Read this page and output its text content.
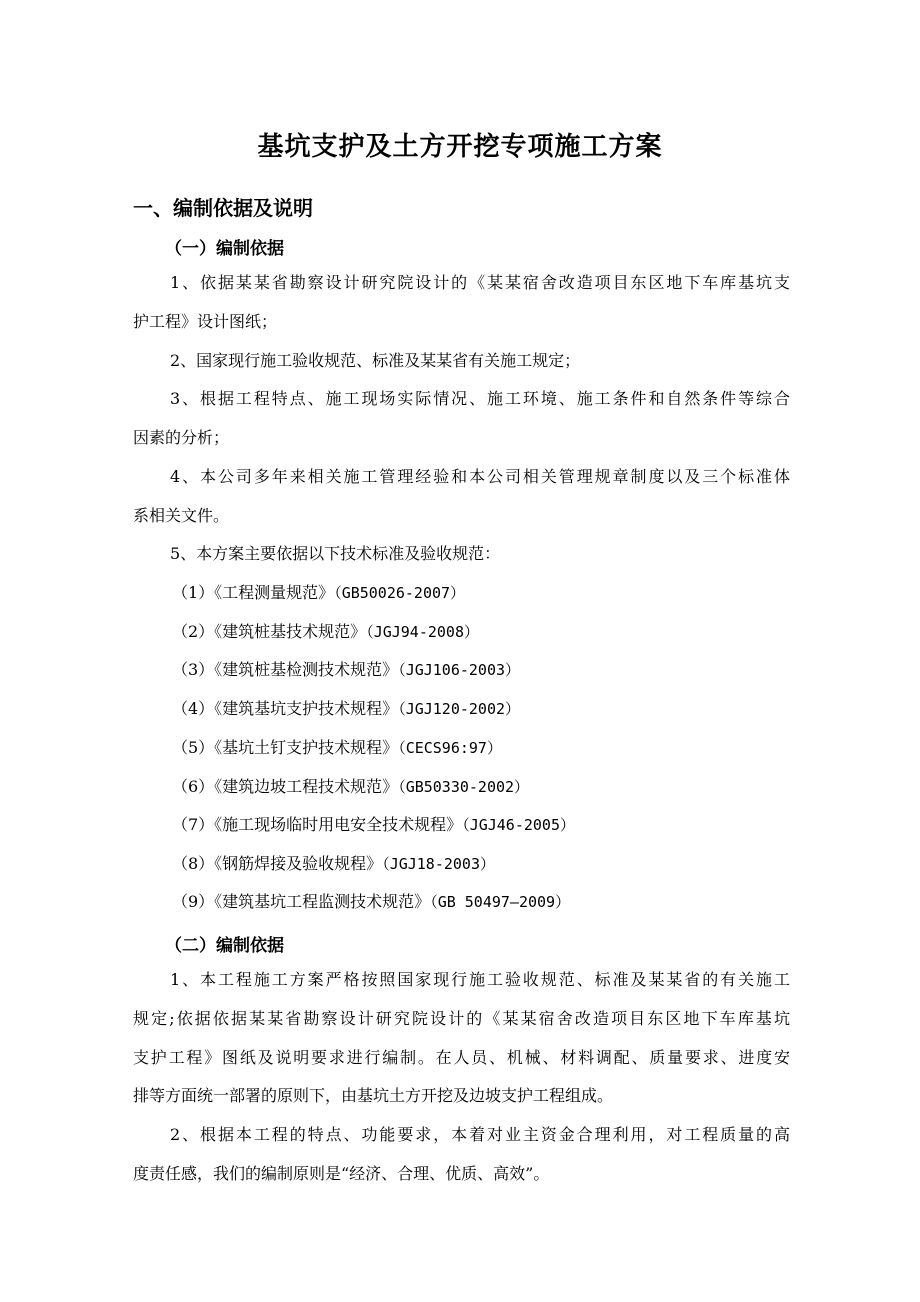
基坑支护及土方开挖专项施工方案
一、编制依据及说明
（一）编制依据
1、依据某某省勘察设计研究院设计的《某某宿舍改造项目东区地下车库基坑支
护工程》设计图纸；
2、国家现行施工验收规范、标准及某某省有关施工规定；
3、根据工程特点、施工现场实际情况、施工环境、施工条件和自然条件等综合
因素的分析；
4、本公司多年来相关施工管理经验和本公司相关管理规章制度以及三个标准体
系相关文件。
5、本方案主要依据以下技术标准及验收规范：
（1）《工程测量规范》（GB50026-2007）
（2）《建筑桩基技术规范》（JGJ94-2008）
（3）《建筑桩基检测技术规范》（JGJ106-2003）
（4）《建筑基坑支护技术规程》（JGJ120-2002）
（5）《基坑土钉支护技术规程》（CECS96:97）
（6）《建筑边坡工程技术规范》（GB50330-2002）
（7）《施工现场临时用电安全技术规程》（JGJ46-2005）
（8）《钢筋焊接及验收规程》（JGJ18-2003）
（9）《建筑基坑工程监测技术规范》（GB 50497—2009）
（二）编制依据
1、本工程施工方案严格按照国家现行施工验收规范、标准及某某省的有关施工
规定;依据依据某某省勘察设计研究院设计的《某某宿舍改造项目东区地下车库基坑
支护工程》图纸及说明要求进行编制。在人员、机械、材料调配、质量要求、进度安
排等方面统一部署的原则下，由基坑土方开挖及边坡支护工程组成。
2、根据本工程的特点、功能要求，本着对业主资金合理利用，对工程质量的高
度责任感，我们的编制原则是“经济、合理、优质、高效”。
